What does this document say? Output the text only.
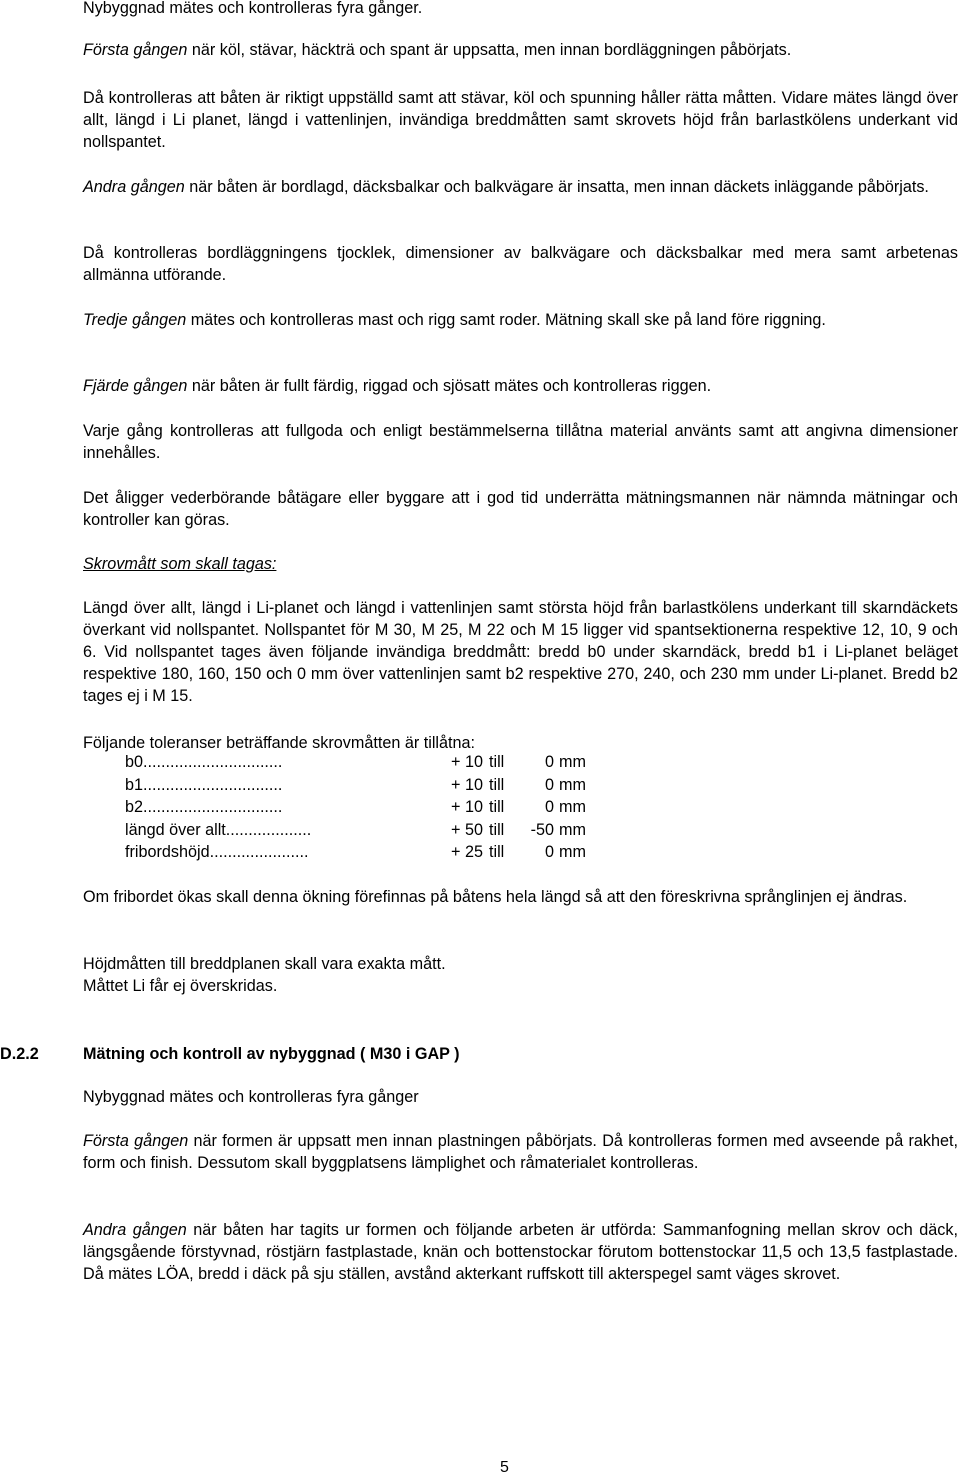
Nybyggnad mätes och kontrolleras fyra gånger.

Första gången när köl, stävar, häckträ och spant är uppsatta, men innan bordläggningen påbörjats.

Då kontrolleras att båten är riktigt uppställd samt att stävar, köl och spunning håller rätta måtten. Vidare mätes längd över allt, längd i Li planet, längd i vattenlinjen, invändiga breddmåtten samt skrovets höjd från barlastkölens underkant vid nollspantet.

Andra gången när båten är bordlagd, däcksbalkar och balkvägare är insatta, men innan däckets inläggande påbörjats.

Då kontrolleras bordläggningens tjocklek, dimensioner av balkvägare och däcksbalkar med mera samt arbetenas allmänna utförande.

Tredje gången mätes och kontrolleras mast och rigg samt roder. Mätning skall ske på land före riggning.

Fjärde gången när båten är fullt färdig, riggad och sjösatt mätes och kontrolleras riggen.

Varje gång kontrolleras att fullgoda och enligt bestämmelserna tillåtna material använts samt att angivna dimensioner innehålles.

Det åligger vederbörande båtägare eller byggare att i god tid underrätta mätningsmannen när nämnda mätningar och kontroller kan göras.

Skrovmått som skall tagas:

Längd över allt, längd i Li-planet och längd i vattenlinjen samt största höjd från barlastkölens underkant till skarndäckets överkant vid nollspantet. Nollspantet för M 30, M 25, M 22 och M 15 ligger vid spantsektionerna respektive 12, 10, 9 och 6. Vid nollspantet tages även följande invändiga breddmått: bredd b0 under skarndäck, bredd b1 i Li-planet beläget respektive 180, 160, 150 och 0 mm över vattenlinjen samt b2 respektive 270, 240, och 230 mm under Li-planet. Bredd b2 tages ej i M 15.

Följande toleranser beträffande skrovmåtten är tillåtna:

b0...............................	+ 10	till	0	mm
b1...............................	+ 10	till	0	mm
b2...............................	+ 10	till	0	mm
längd över allt...................	+ 50	till	-50	mm
fribordshöjd......................	+ 25	till	0	mm

Om fribordet ökas skall denna ökning förefinnas på båtens hela längd så att den föreskrivna språnglinjen ej ändras.

Höjdmåtten till breddplanen skall vara exakta mått.

Måttet Li får ej överskridas.

D.2.2	Mätning och kontroll av nybyggnad ( M30 i GAP )

Nybyggnad mätes och kontrolleras fyra gånger

Första gången när formen är uppsatt men innan plastningen påbörjats. Då kontrolleras formen med avseende på rakhet, form och finish. Dessutom skall byggplatsens lämplighet och råmaterialet kontrolleras.

Andra gången när båten har tagits ur formen och följande arbeten är utförda: Sammanfogning mellan skrov och däck, längsgående förstyvnad, röstjärn fastplastade, knän och bottenstockar förutom bottenstockar 11,5 och 13,5 fastplastade. Då mätes LÖA, bredd i däck på sju ställen, avstånd akterkant ruffskott till akterspegel samt väges skrovet.

5
